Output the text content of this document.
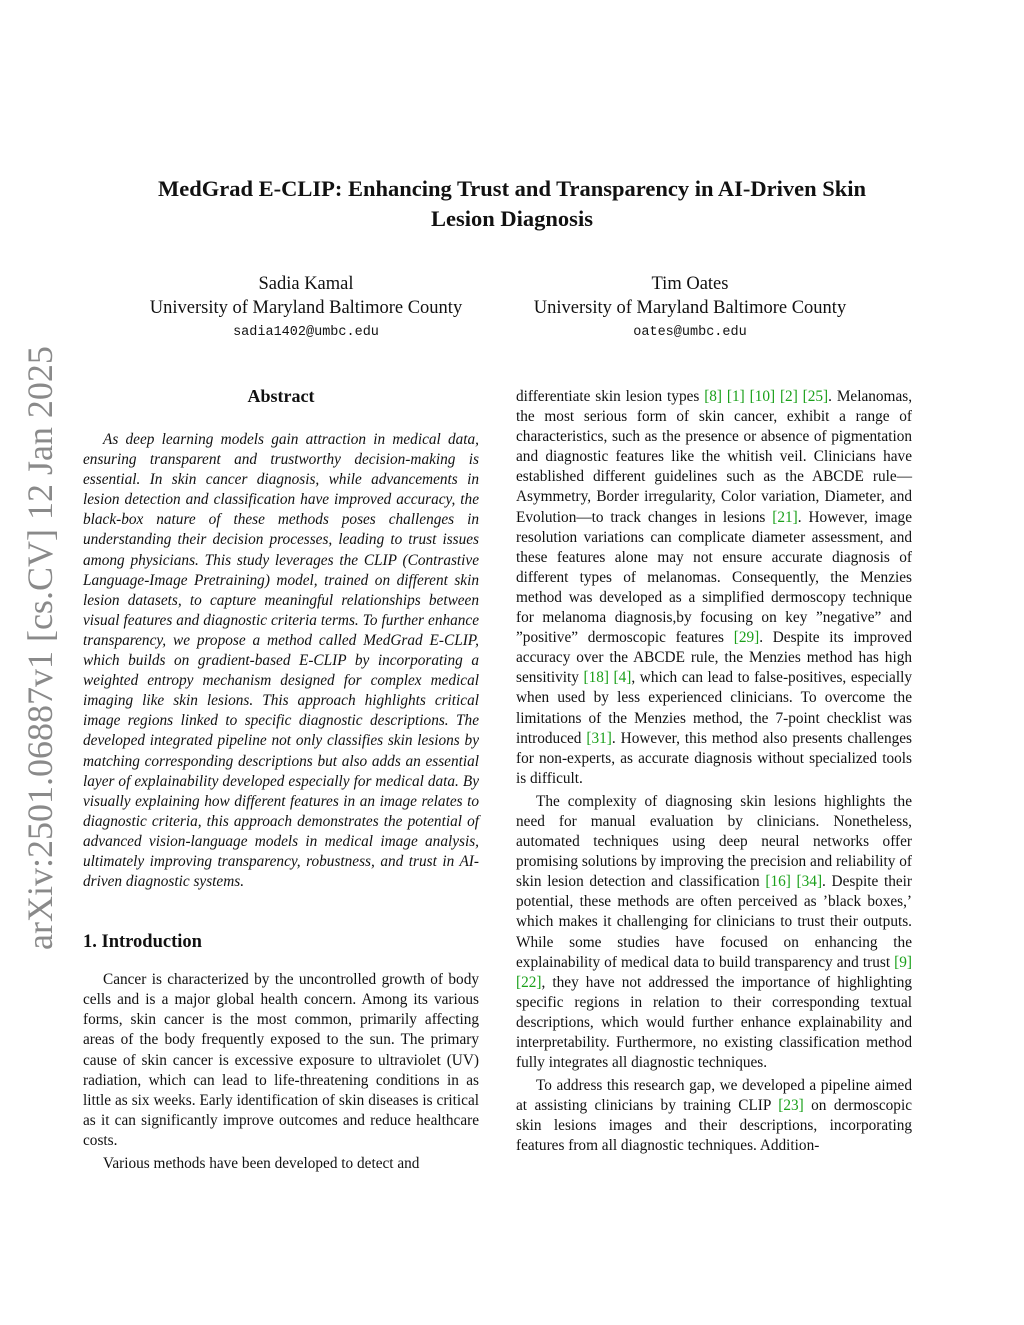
arXiv:2501.06887v1 [cs.CV] 12 Jan 2025
MedGrad E-CLIP: Enhancing Trust and Transparency in AI-Driven Skin
Lesion Diagnosis
Sadia Kamal
University of Maryland Baltimore County
sadia1402@umbc.edu
Tim Oates
University of Maryland Baltimore County
oates@umbc.edu
Abstract

As deep learning models gain attraction in medical data, ensuring transparent and trustworthy decision-making is essential. In skin cancer diagnosis, while advancements in lesion detection and classification have improved accuracy, the black-box nature of these methods poses challenges in understanding their decision processes, leading to trust issues among physicians. This study leverages the CLIP (Contrastive Language-Image Pretraining) model, trained on different skin lesion datasets, to capture meaningful relationships between visual features and diagnostic criteria terms. To further enhance transparency, we propose a method called MedGrad E-CLIP, which builds on gradient-based E-CLIP by incorporating a weighted entropy mechanism designed for complex medical imaging like skin lesions. This approach highlights critical image regions linked to specific diagnostic descriptions. The developed integrated pipeline not only classifies skin lesions by matching corresponding descriptions but also adds an essential layer of explainability developed especially for medical data. By visually explaining how different features in an image relates to diagnostic criteria, this approach demonstrates the potential of advanced vision-language models in medical image analysis, ultimately improving transparency, robustness, and trust in AI-driven diagnostic systems.

1. Introduction

Cancer is characterized by the uncontrolled growth of body cells and is a major global health concern. Among its various forms, skin cancer is the most common, primarily affecting areas of the body frequently exposed to the sun. The primary cause of skin cancer is excessive exposure to ultraviolet (UV) radiation, which can lead to life-threatening conditions in as little as six weeks. Early identification of skin diseases is critical as it can significantly improve outcomes and reduce healthcare costs.

Various methods have been developed to detect and

differentiate skin lesion types [8] [1] [10] [2] [25]. Melanomas, the most serious form of skin cancer, exhibit a range of characteristics, such as the presence or absence of pigmentation and diagnostic features like the whitish veil. Clinicians have established different guidelines such as the ABCDE rule—Asymmetry, Border irregularity, Color variation, Diameter, and Evolution—to track changes in lesions [21]. However, image resolution variations can complicate diameter assessment, and these features alone may not ensure accurate diagnosis of different types of melanomas. Consequently, the Menzies method was developed as a simplified dermoscopy technique for melanoma diagnosis,by focusing on key ”negative” and ”positive” dermoscopic features [29]. Despite its improved accuracy over the ABCDE rule, the Menzies method has high sensitivity [18] [4], which can lead to false-positives, especially when used by less experienced clinicians. To overcome the limitations of the Menzies method, the 7-point checklist was introduced [31]. However, this method also presents challenges for non-experts, as accurate diagnosis without specialized tools is difficult.

The complexity of diagnosing skin lesions highlights the need for manual evaluation by clinicians. Nonetheless, automated techniques using deep neural networks offer promising solutions by improving the precision and reliability of skin lesion detection and classification [16] [34]. Despite their potential, these methods are often perceived as ’black boxes,’ which makes it challenging for clinicians to trust their outputs. While some studies have focused on enhancing the explainability of medical data to build transparency and trust [9] [22], they have not addressed the importance of highlighting specific regions in relation to their corresponding textual descriptions, which would further enhance explainability and interpretability. Furthermore, no existing classification method fully integrates all diagnostic techniques.

To address this research gap, we developed a pipeline aimed at assisting clinicians by training CLIP [23] on dermoscopic skin lesions images and their descriptions, incorporating features from all diagnostic techniques. Addition-
